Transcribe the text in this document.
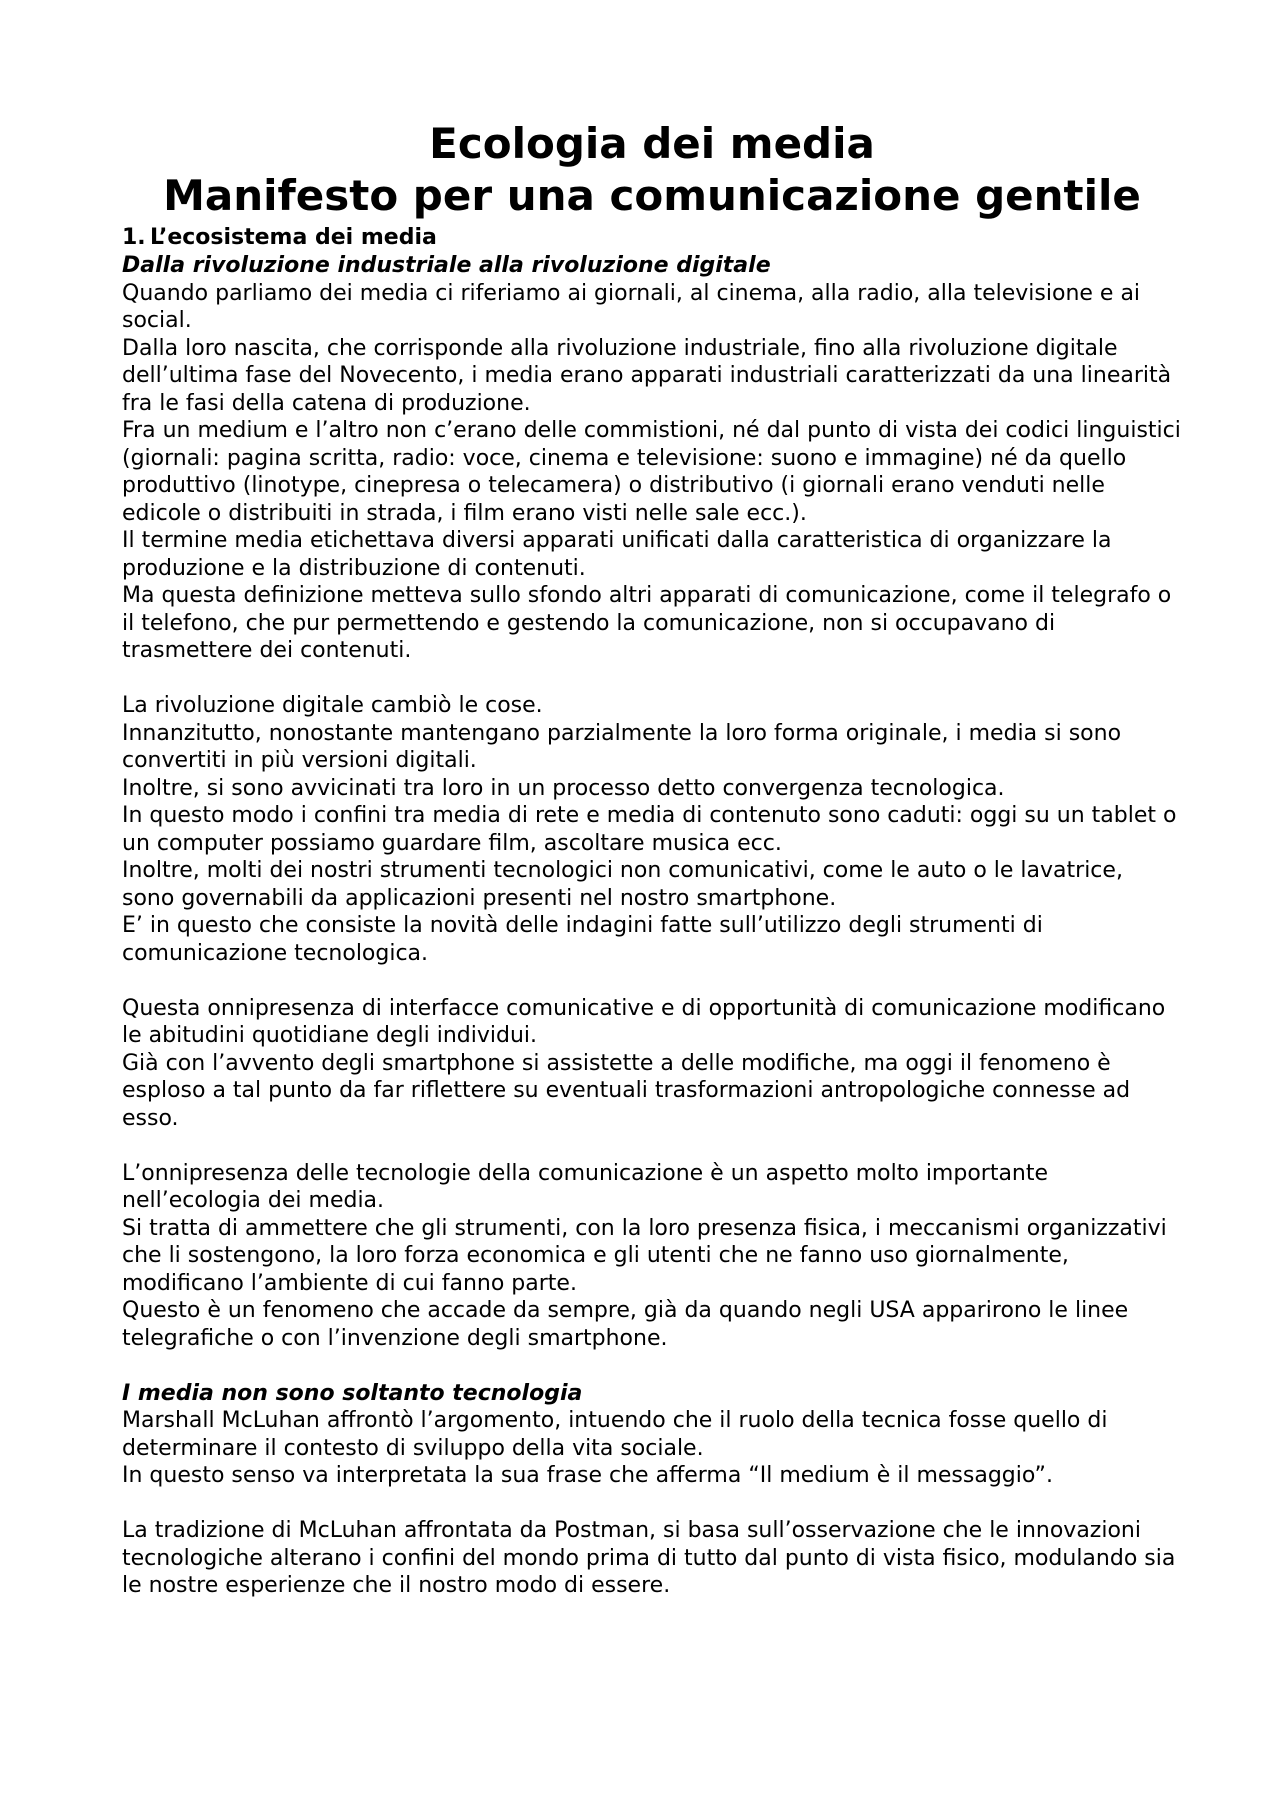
Ecologia dei media
Manifesto per una comunicazione gentile
1. L’ecosistema dei media
Dalla rivoluzione industriale alla rivoluzione digitale

Quando parliamo dei media ci riferiamo ai giornali, al cinema, alla radio, alla televisione e ai social.

Dalla loro nascita, che corrisponde alla rivoluzione industriale, fino alla rivoluzione digitale dell’ultima fase del Novecento, i media erano apparati industriali caratterizzati da una linearità fra le fasi della catena di produzione.

Fra un medium e l’altro non c’erano delle commistioni, né dal punto di vista dei codici linguistici (giornali: pagina scritta, radio: voce, cinema e televisione: suono e immagine) né da quello produttivo (linotype, cinepresa o telecamera) o distributivo (i giornali erano venduti nelle edicole o distribuiti in strada, i film erano visti nelle sale ecc.).

Il termine media etichettava diversi apparati unificati dalla caratteristica di organizzare la produzione e la distribuzione di contenuti.

Ma questa definizione metteva sullo sfondo altri apparati di comunicazione, come il telegrafo o il telefono, che pur permettendo e gestendo la comunicazione, non si occupavano di trasmettere dei contenuti.

La rivoluzione digitale cambiò le cose.

Innanzitutto, nonostante mantengano parzialmente la loro forma originale, i media si sono convertiti in più versioni digitali.

Inoltre, si sono avvicinati tra loro in un processo detto convergenza tecnologica.

In questo modo i confini tra media di rete e media di contenuto sono caduti: oggi su un tablet o un computer possiamo guardare film, ascoltare musica ecc.

Inoltre, molti dei nostri strumenti tecnologici non comunicativi, come le auto o le lavatrice, sono governabili da applicazioni presenti nel nostro smartphone.

E’ in questo che consiste la novità delle indagini fatte sull’utilizzo degli strumenti di comunicazione tecnologica.

Questa onnipresenza di interfacce comunicative e di opportunità di comunicazione modificano le abitudini quotidiane degli individui.

Già con l’avvento degli smartphone si assistette a delle modifiche, ma oggi il fenomeno è esploso a tal punto da far riflettere su eventuali trasformazioni antropologiche connesse ad esso.

L’onnipresenza delle tecnologie della comunicazione è un aspetto molto importante nell’ecologia dei media.

Si tratta di ammettere che gli strumenti, con la loro presenza fisica, i meccanismi organizzativi che li sostengono, la loro forza economica e gli utenti che ne fanno uso giornalmente, modificano l’ambiente di cui fanno parte.

Questo è un fenomeno che accade da sempre, già da quando negli USA apparirono le linee telegrafiche o con l’invenzione degli smartphone.

I media non sono soltanto tecnologia

Marshall McLuhan affrontò l’argomento, intuendo che il ruolo della tecnica fosse quello di determinare il contesto di sviluppo della vita sociale.

In questo senso va interpretata la sua frase che afferma “Il medium è il messaggio”.

La tradizione di McLuhan affrontata da Postman, si basa sull’osservazione che le innovazioni tecnologiche alterano i confini del mondo prima di tutto dal punto di vista fisico, modulando sia le nostre esperienze che il nostro modo di essere.
